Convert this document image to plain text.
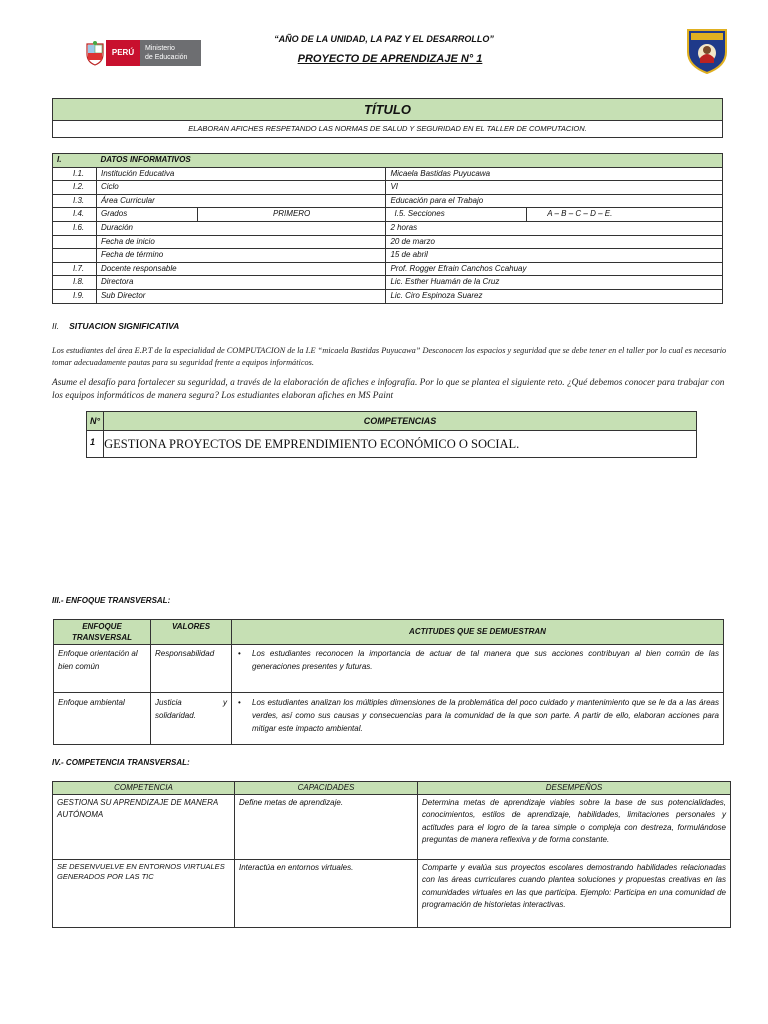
PERÚ	Ministerio
de Educación
“AÑO DE LA UNIDAD, LA PAZ Y EL DESARROLLO”
PROYECTO DE APRENDIZAJE N° 1
TÍTULO
ELABORAN AFICHES RESPETANDO LAS NORMAS DE SALUD Y SEGURIDAD EN EL TALLER DE COMPUTACION.
I.	DATOS INFORMATIVOS			
I.1.	Institución Educativa		Micaela Bastidas Puyucawa	
I.2.	Ciclo		VI	
I.3.	Área Curricular		Educación para el Trabajo	
I.4.	Grados	PRIMERO	I.5. Secciones	A – B – C – D – E.
I.6.	Duración		2 horas	
	Fecha de inicio		20 de marzo	
	Fecha de término		15 de abril	
I.7.	Docente responsable		Prof. Rogger Efrain Canchos Ccahuay	
I.8.	Directora		Lic. Esther Huamán de la Cruz	
I.9.	Sub Director		Lic. Ciro Espinoza Suarez	
II. SITUACION SIGNIFICATIVA
Los estudiantes del área E.P.T de la especialidad de COMPUTACION de la I.E “micaela Bastidas Puyucawa” Desconocen los espacios y seguridad que se debe tener en el taller por lo cual es necesario tomar adecuadamente pautas para su seguridad frente a equipos informáticos.
Asume el desafío para fortalecer su seguridad, a través de la elaboración de afiches e infografía. Por lo que se plantea el siguiente reto. ¿Qué debemos conocer para trabajar con los equipos informáticos de manera segura? Los estudiantes elaboran afiches en MS Paint
N°	COMPETENCIAS
1	GESTIONA PROYECTOS DE EMPRENDIMIENTO ECONÓMICO O SOCIAL.
III.- ENFOQUE TRANSVERSAL:
ENFOQUE TRANSVERSAL	VALORES	ACTITUDES QUE SE DEMUESTRAN
Enfoque orientación al bien común	Responsabilidad	• Los estudiantes reconocen la importancia de actuar de tal manera que sus acciones contribuyan al bien común de las generaciones presentes y futuras.

Enfoque ambiental	Justicia y solidaridad.	• Los estudiantes analizan los múltiples dimensiones de la problemática del poco cuidado y mantenimiento que se le da a las áreas verdes, así como sus causas y consecuencias para la comunidad de la que son parte. A partir de ello, elaboran acciones para mitigar este impacto ambiental.
IV.- COMPETENCIA TRANSVERSAL:
COMPETENCIA	CAPACIDADES	DESEMPEÑOS
GESTIONA SU APRENDIZAJE DE MANERA AUTÓNOMA	Define metas de aprendizaje.	Determina metas de aprendizaje viables sobre la base de sus potencialidades, conocimientos, estilos de aprendizaje, habilidades, limitaciones personales y actitudes para el logro de la tarea simple o compleja con destreza, formulándose preguntas de manera reflexiva y de forma constante.
SE DESENVUELVE EN ENTORNOS VIRTUALES GENERADOS POR LAS TIC	Interactúa en entornos virtuales.	Comparte y evalúa sus proyectos escolares demostrando habilidades relacionadas con las áreas curriculares cuando plantea soluciones y propuestas creativas en las comunidades virtuales en las que participa. Ejemplo: Participa en una comunidad de programación de historietas interactivas.
